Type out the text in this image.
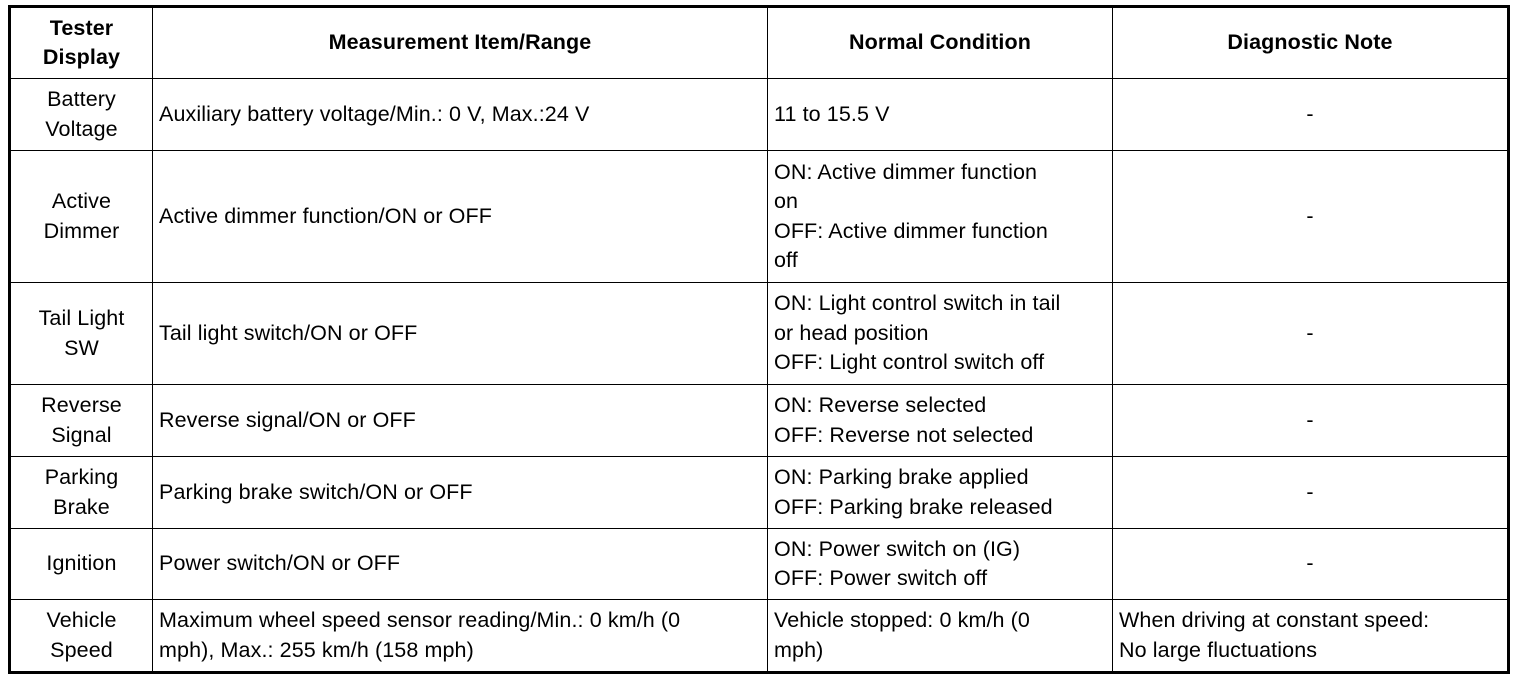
Tester
Display	Measurement Item/Range	Normal Condition	Diagnostic Note

Battery
Voltage	Auxiliary battery voltage/Min.: 0 V, Max.:24 V	11 to 15.5 V	-

Active
Dimmer	Active dimmer function/ON or OFF	ON: Active dimmer function
on
OFF: Active dimmer function
off	-

Tail Light
SW	Tail light switch/ON or OFF	ON: Light control switch in tail
or head position
OFF: Light control switch off	-

Reverse
Signal	Reverse signal/ON or OFF	ON: Reverse selected
OFF: Reverse not selected	-

Parking
Brake	Parking brake switch/ON or OFF	ON: Parking brake applied
OFF: Parking brake released	-

Ignition	Power switch/ON or OFF	ON: Power switch on (IG)
OFF: Power switch off	-

Vehicle
Speed	Maximum wheel speed sensor reading/Min.: 0 km/h (0
mph), Max.: 255 km/h (158 mph)	Vehicle stopped: 0 km/h (0
mph)	When driving at constant speed:
No large fluctuations
